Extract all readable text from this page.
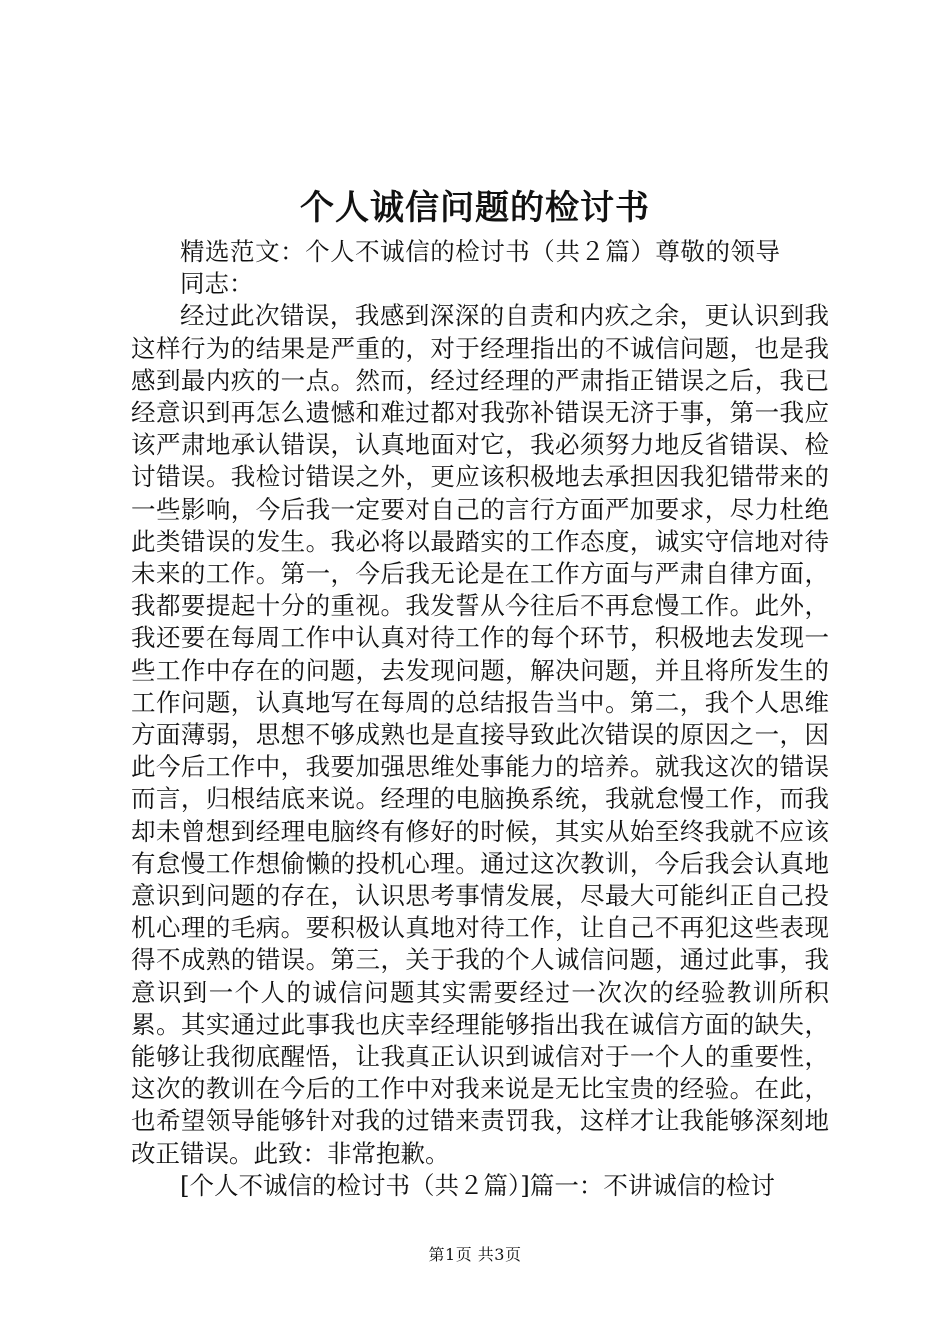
个人诚信问题的检讨书

精选范文：个人不诚信的检讨书（共２篇）尊敬的领导同志：

经过此次错误，我感到深深的自责和内疚之余，更认识到我这样行为的结果是严重的，对于经理指出的不诚信问题，也是我感到最内疚的一点。然而，经过经理的严肃指正错误之后，我已经意识到再怎么遗憾和难过都对我弥补错误无济于事，第一我应该严肃地承认错误，认真地面对它，我必须努力地反省错误、检讨错误。我检讨错误之外，更应该积极地去承担因我犯错带来的一些影响，今后我一定要对自己的言行方面严加要求，尽力杜绝此类错误的发生。我必将以最踏实的工作态度，诚实守信地对待未来的工作。第一，今后我无论是在工作方面与严肃自律方面，我都要提起十分的重视。我发誓从今往后不再怠慢工作。此外，我还要在每周工作中认真对待工作的每个环节，积极地去发现一些工作中存在的问题，去发现问题，解决问题，并且将所发生的工作问题，认真地写在每周的总结报告当中。第二，我个人思维方面薄弱，思想不够成熟也是直接导致此次错误的原因之一，因此今后工作中，我要加强思维处事能力的培养。就我这次的错误而言，归根结底来说。经理的电脑换系统，我就怠慢工作，而我却未曾想到经理电脑终有修好的时候，其实从始至终我就不应该有怠慢工作想偷懒的投机心理。通过这次教训，今后我会认真地意识到问题的存在，认识思考事情发展，尽最大可能纠正自己投机心理的毛病。要积极认真地对待工作，让自己不再犯这些表现得不成熟的错误。第三，关于我的个人诚信问题，通过此事，我意识到一个人的诚信问题其实需要经过一次次的经验教训所积累。其实通过此事我也庆幸经理能够指出我在诚信方面的缺失，能够让我彻底醒悟，让我真正认识到诚信对于一个人的重要性，这次的教训在今后的工作中对我来说是无比宝贵的经验。在此，也希望领导能够针对我的过错来责罚我，这样才让我能够深刻地改正错误。此致：非常抱歉。

[个人不诚信的检讨书（共２篇）]篇一：不讲诚信的检讨

第1页 共3页
